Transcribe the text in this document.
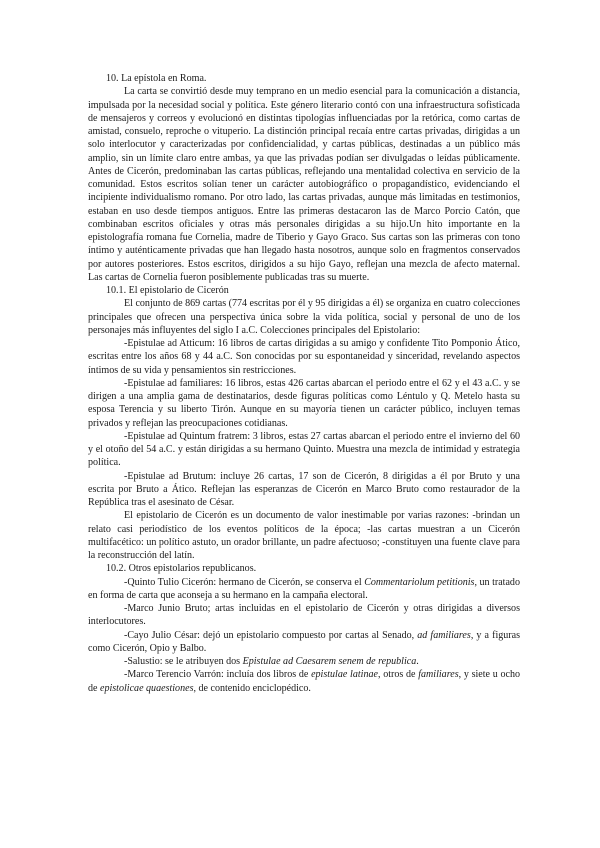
10. La epístola en Roma.

La carta se convirtió desde muy temprano en un medio esencial para la comunicación a distancia, impulsada por la necesidad social y política. Este género literario contó con una infraestructura sofisticada de mensajeros y correos y evolucionó en distintas tipologías influenciadas por la retórica, como cartas de amistad, consuelo, reproche o vituperio. La distinción principal recaía entre cartas privadas, dirigidas a un solo interlocutor y caracterizadas por confidencialidad, y cartas públicas, destinadas a un público más amplio, sin un límite claro entre ambas, ya que las privadas podían ser divulgadas o leídas públicamente. Antes de Cicerón, predominaban las cartas públicas, reflejando una mentalidad colectiva en servicio de la comunidad. Estos escritos solían tener un carácter autobiográfico o propagandístico, evidenciando el incipiente individualismo romano. Por otro lado, las cartas privadas, aunque más limitadas en testimonios, estaban en uso desde tiempos antiguos. Entre las primeras destacaron las de Marco Porcio Catón, que combinaban escritos oficiales y otras más personales dirigidas a su hijo.Un hito importante en la epistolografía romana fue Cornelia, madre de Tiberio y Gayo Graco. Sus cartas son las primeras con tono íntimo y auténticamente privadas que han llegado hasta nosotros, aunque solo en fragmentos conservados por autores posteriores. Estos escritos, dirigidos a su hijo Gayo, reflejan una mezcla de afecto maternal. Las cartas de Cornelia fueron posiblemente publicadas tras su muerte.

10.1. El epistolario de Cicerón

El conjunto de 869 cartas (774 escritas por él y 95 dirigidas a él) se organiza en cuatro colecciones principales que ofrecen una perspectiva única sobre la vida política, social y personal de uno de los personajes más influyentes del siglo I a.C. Colecciones principales del Epistolario:

-Epistulae ad Atticum: 16 libros de cartas dirigidas a su amigo y confidente Tito Pomponio Ático, escritas entre los años 68 y 44 a.C. Son conocidas por su espontaneidad y sinceridad, revelando aspectos íntimos de su vida y pensamientos sin restricciones.

-Epistulae ad familiares: 16 libros, estas 426 cartas abarcan el periodo entre el 62 y el 43 a.C. y se dirigen a una amplia gama de destinatarios, desde figuras políticas como Léntulo y Q. Metelo hasta su esposa Terencia y su liberto Tirón. Aunque en su mayoría tienen un carácter público, incluyen temas privados y reflejan las preocupaciones cotidianas.

-Epistulae ad Quintum fratrem: 3 libros, estas 27 cartas abarcan el periodo entre el invierno del 60 y el otoño del 54 a.C. y están dirigidas a su hermano Quinto. Muestra una mezcla de intimidad y estrategia política.

-Epistulae ad Brutum: incluye 26 cartas, 17 son de Cicerón, 8 dirigidas a él por Bruto y una escrita por Bruto a Ático. Reflejan las esperanzas de Cicerón en Marco Bruto como restaurador de la República tras el asesinato de César.

El epistolario de Cicerón es un documento de valor inestimable por varias razones: -brindan un relato casi periodístico de los eventos políticos de la época; -las cartas muestran a un Cicerón multifacético: un político astuto, un orador brillante, un padre afectuoso; -constituyen una fuente clave para la reconstrucción del latín.

10.2. Otros epistolarios republicanos.

-Quinto Tulio Cicerón: hermano de Cicerón, se conserva el Commentariolum petitionis, un tratado en forma de carta que aconseja a su hermano en la campaña electoral.

-Marco Junio Bruto; artas incluidas en el epistolario de Cicerón y otras dirigidas a diversos interlocutores.

-Cayo Julio César: dejó un epistolario compuesto por cartas al Senado, ad familiares, y a figuras como Cicerón, Opio y Balbo.

-Salustio: se le atribuyen dos Epistulae ad Caesarem senem de republica.

-Marco Terencio Varrón: incluía dos libros de epistulae latinae, otros de familiares, y siete u ocho de epistolicae quaestiones, de contenido enciclopédico.
